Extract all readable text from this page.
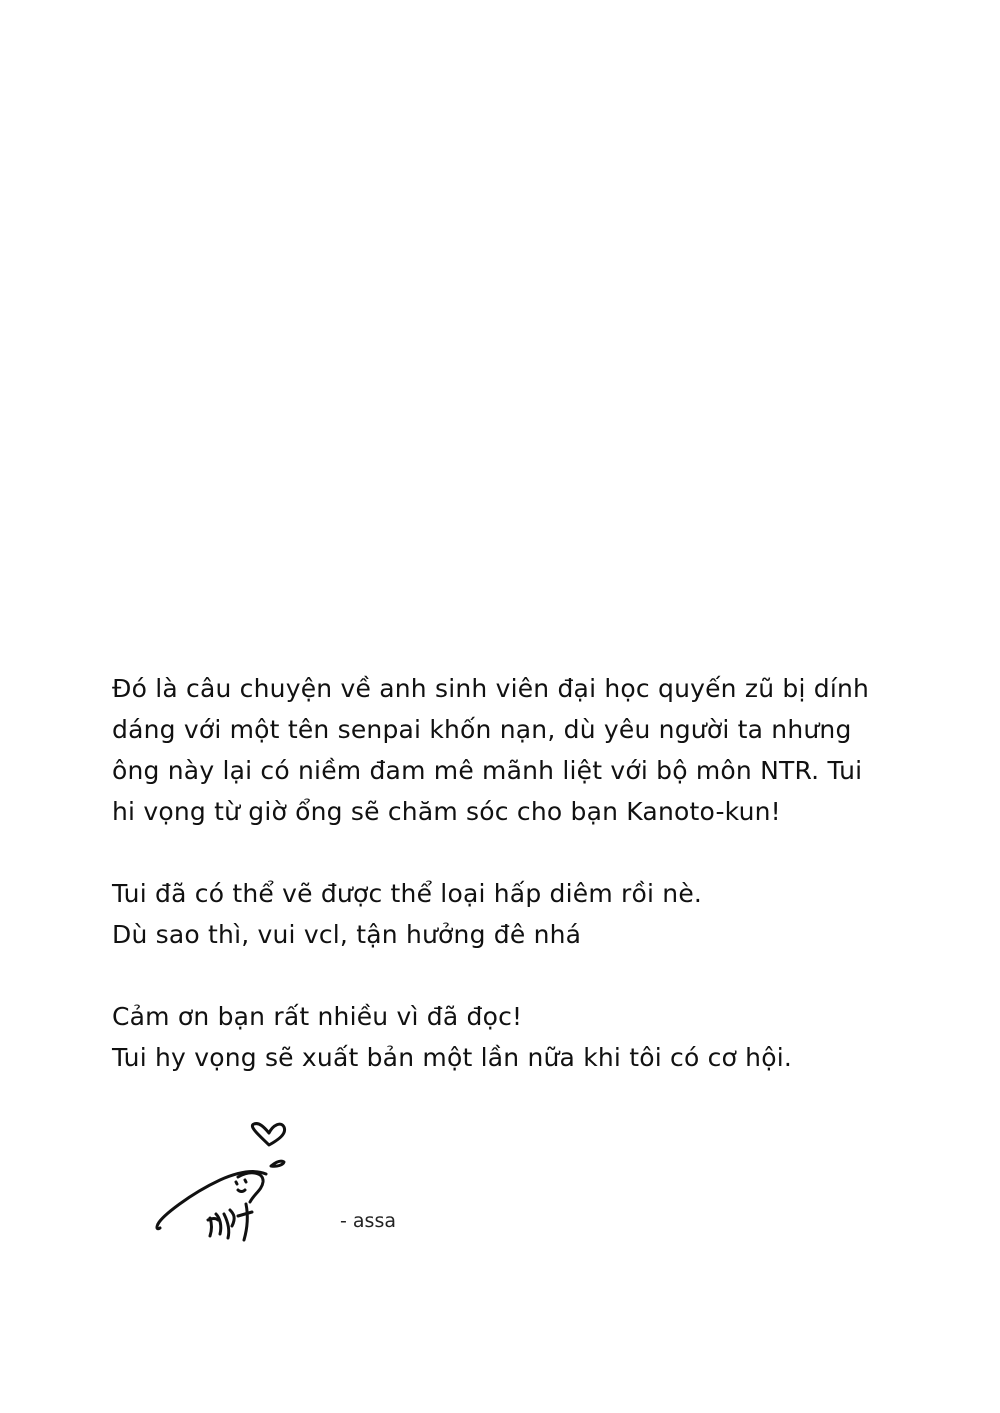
Đó là câu chuyện về anh sinh viên đại học quyến zũ bị dính
dáng với một tên senpai khốn nạn, dù yêu người ta nhưng
ông này lại có niềm đam mê mãnh liệt với bộ môn NTR. Tui
hi vọng từ giờ ổng sẽ chăm sóc cho bạn Kanoto-kun!

Tui đã có thể vẽ được thể loại hấp diêm rồi nè.
Dù sao thì, vui vcl, tận hưởng đê nhá

Cảm ơn bạn rất nhiều vì đã đọc!
Tui hy vọng sẽ xuất bản một lần nữa khi tôi có cơ hội.

- assa
